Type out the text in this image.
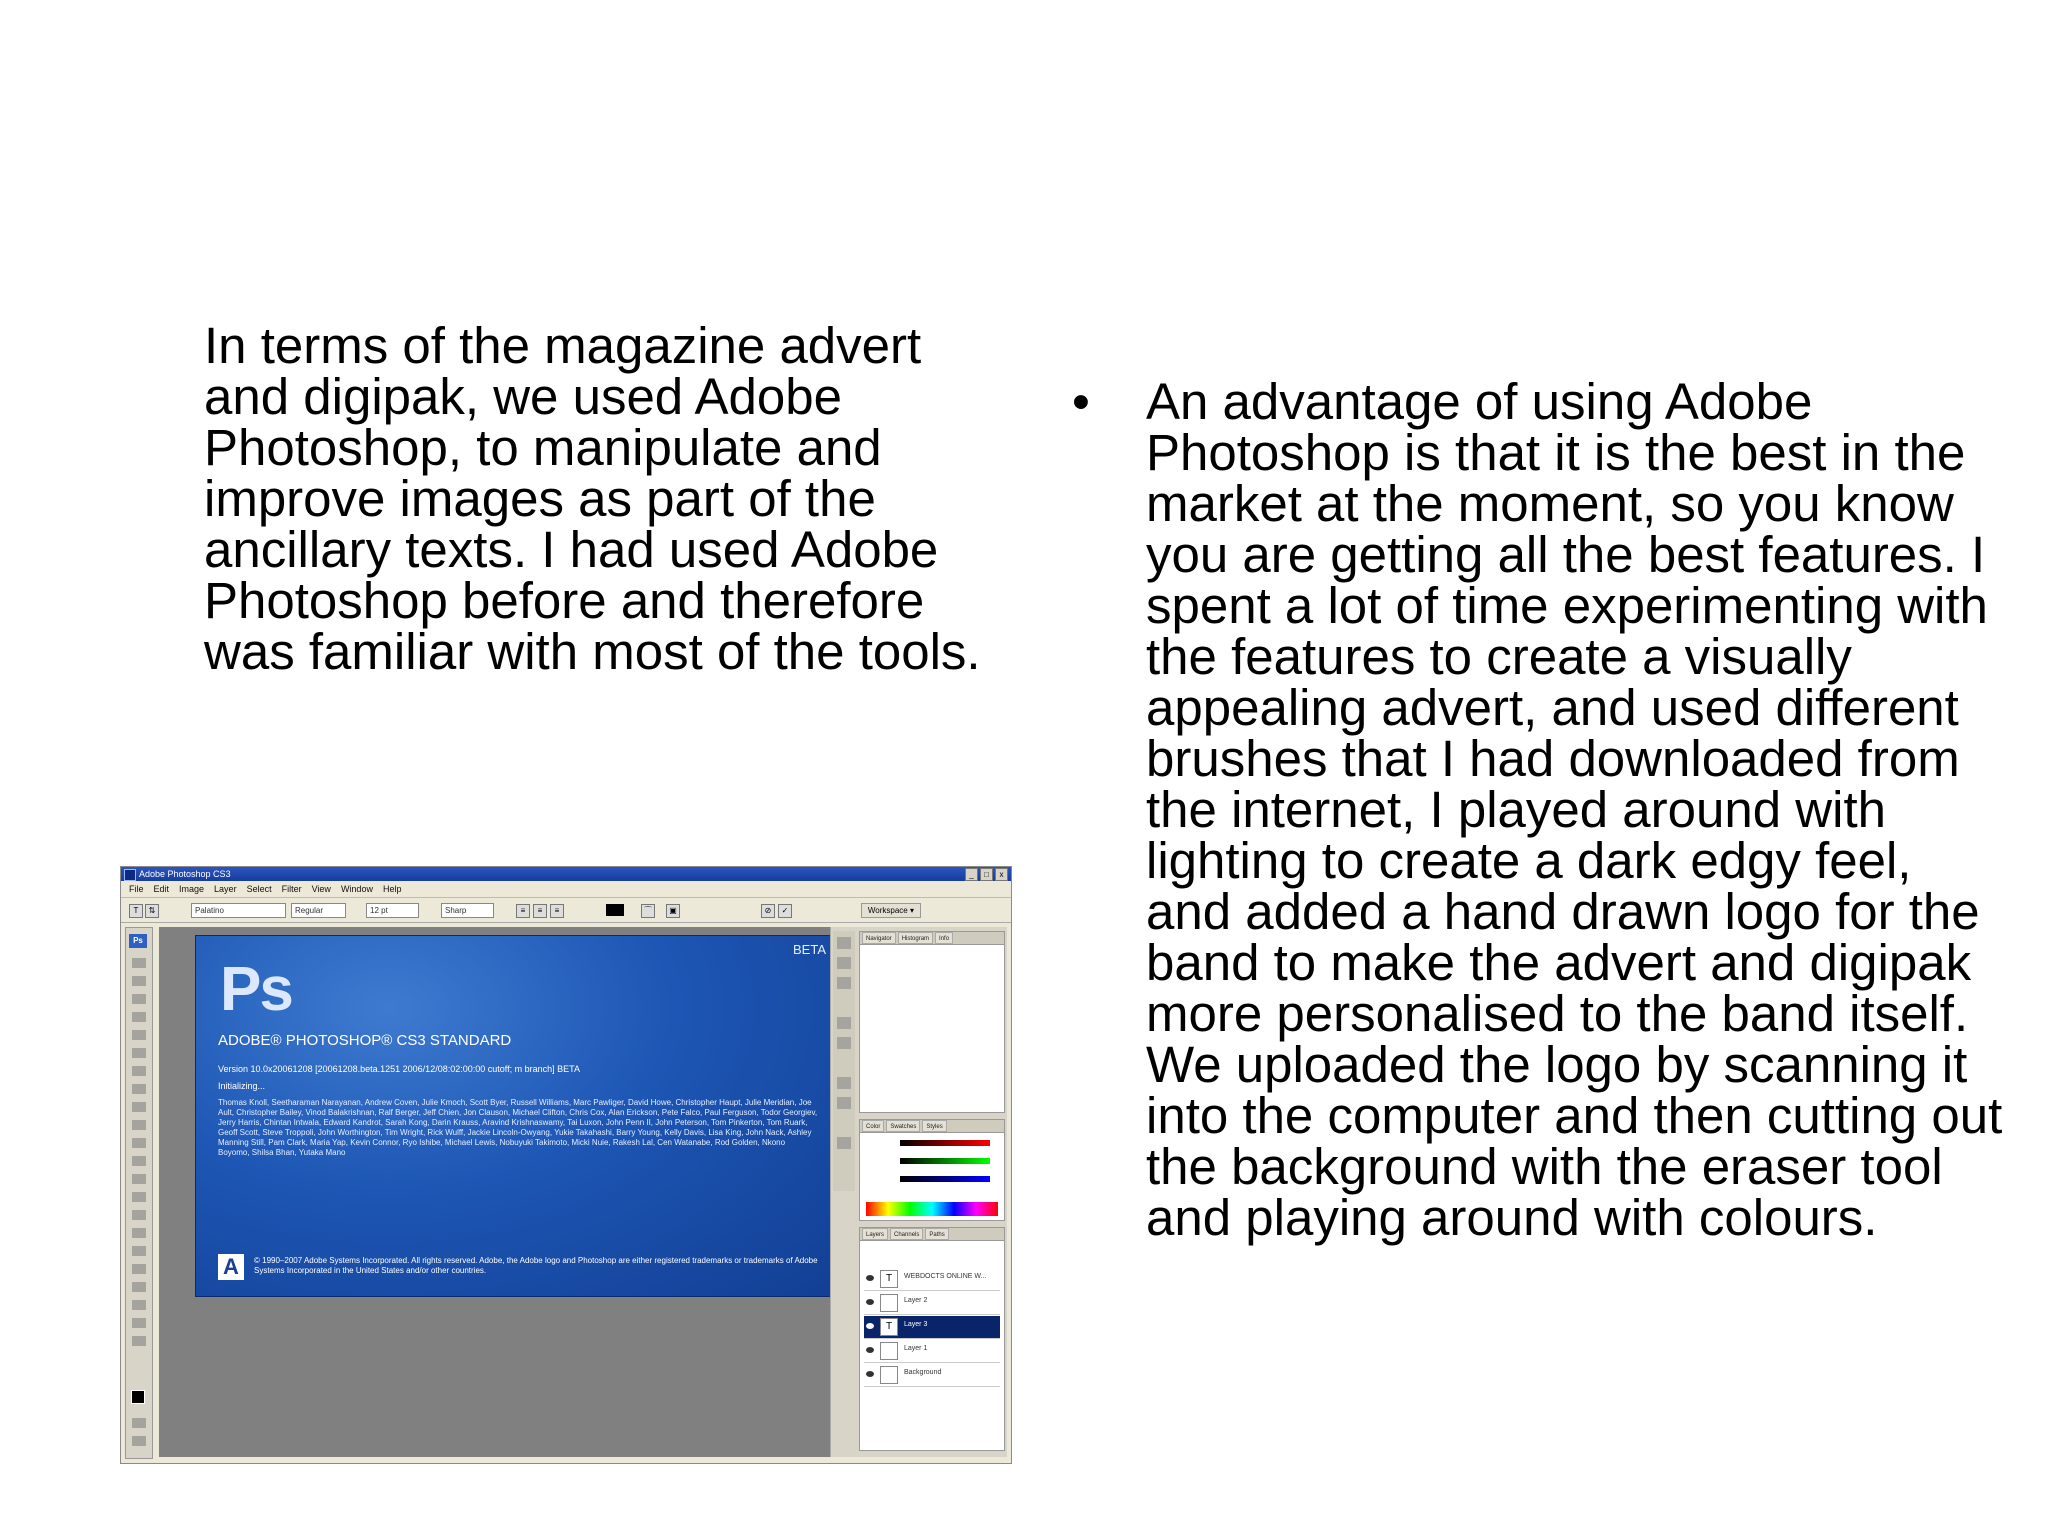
In terms of the magazine advert and digipak, we used Adobe Photoshop, to manipulate and improve images as part of the ancillary texts. I had used Adobe Photoshop before and therefore was familiar with most of the tools.

• An advantage of using Adobe Photoshop is that it is the best in the market at the moment, so you know you are getting all the best features. I spent a lot of time experimenting with the features to create a visually appealing advert, and used different brushes that I had downloaded from the internet, I played around with lighting to create a dark edgy feel, and added a hand drawn logo for the band to make the advert and digipak more personalised to the band itself. We uploaded the logo by scanning it into the computer and then cutting out the background with the eraser tool and playing around with colours.

Adobe Photoshop CS3	_	□	x
File Edit Image Layer Select Filter View Window Help
T	⇅	Palatino	Regular	12 pt	Sharp	≡	≡	≡	⌒	▣	⊘	✓	Workspace ▾
Ps
Ps
BETA
ADOBE® PHOTOSHOP® CS3 STANDARD
Version 10.0x20061208 [20061208.beta.1251 2006/12/08:02:00:00 cutoff; m branch] BETA
Initializing...
Thomas Knoll, Seetharaman Narayanan, Andrew Coven, Julie Kmoch, Scott Byer, Russell Williams, Marc Pawliger, David Howe, Christopher Haupt, Julie Meridian, Joe Ault, Christopher Bailey, Vinod Balakrishnan, Ralf Berger, Jeff Chien, Jon Clauson, Michael Clifton, Chris Cox, Alan Erickson, Pete Falco, Paul Ferguson, Todor Georgiev, Jerry Harris, Chintan Intwala, Edward Kandrot, Sarah Kong, Darin Krauss, Aravind Krishnaswamy, Tai Luxon, John Penn II, John Peterson, Tom Pinkerton, Tom Ruark, Geoff Scott, Steve Troppoli, John Worthington, Tim Wright, Rick Wulff, Jackie Lincoln-Owyang, Yukie Takahashi, Barry Young, Kelly Davis, Lisa King, John Nack, Ashley Manning Still, Pam Clark, Maria Yap, Kevin Connor, Ryo Ishibe, Michael Lewis, Nobuyuki Takimoto, Micki Nuie, Rakesh Lal, Cen Watanabe, Rod Golden, Nkono Boyomo, Shilsa Bhan, Yutaka Mano
A	© 1990–2007 Adobe Systems Incorporated. All rights reserved. Adobe, the Adobe logo and Photoshop are either registered trademarks or trademarks of Adobe Systems Incorporated in the United States and/or other countries.
Navigator	Histogram	Info
Color	Swatches	Styles
Layers	Channels	Paths
T	WEBDOCTS ONLINE W...
Layer 2
T	Layer 3
Layer 1
Background
